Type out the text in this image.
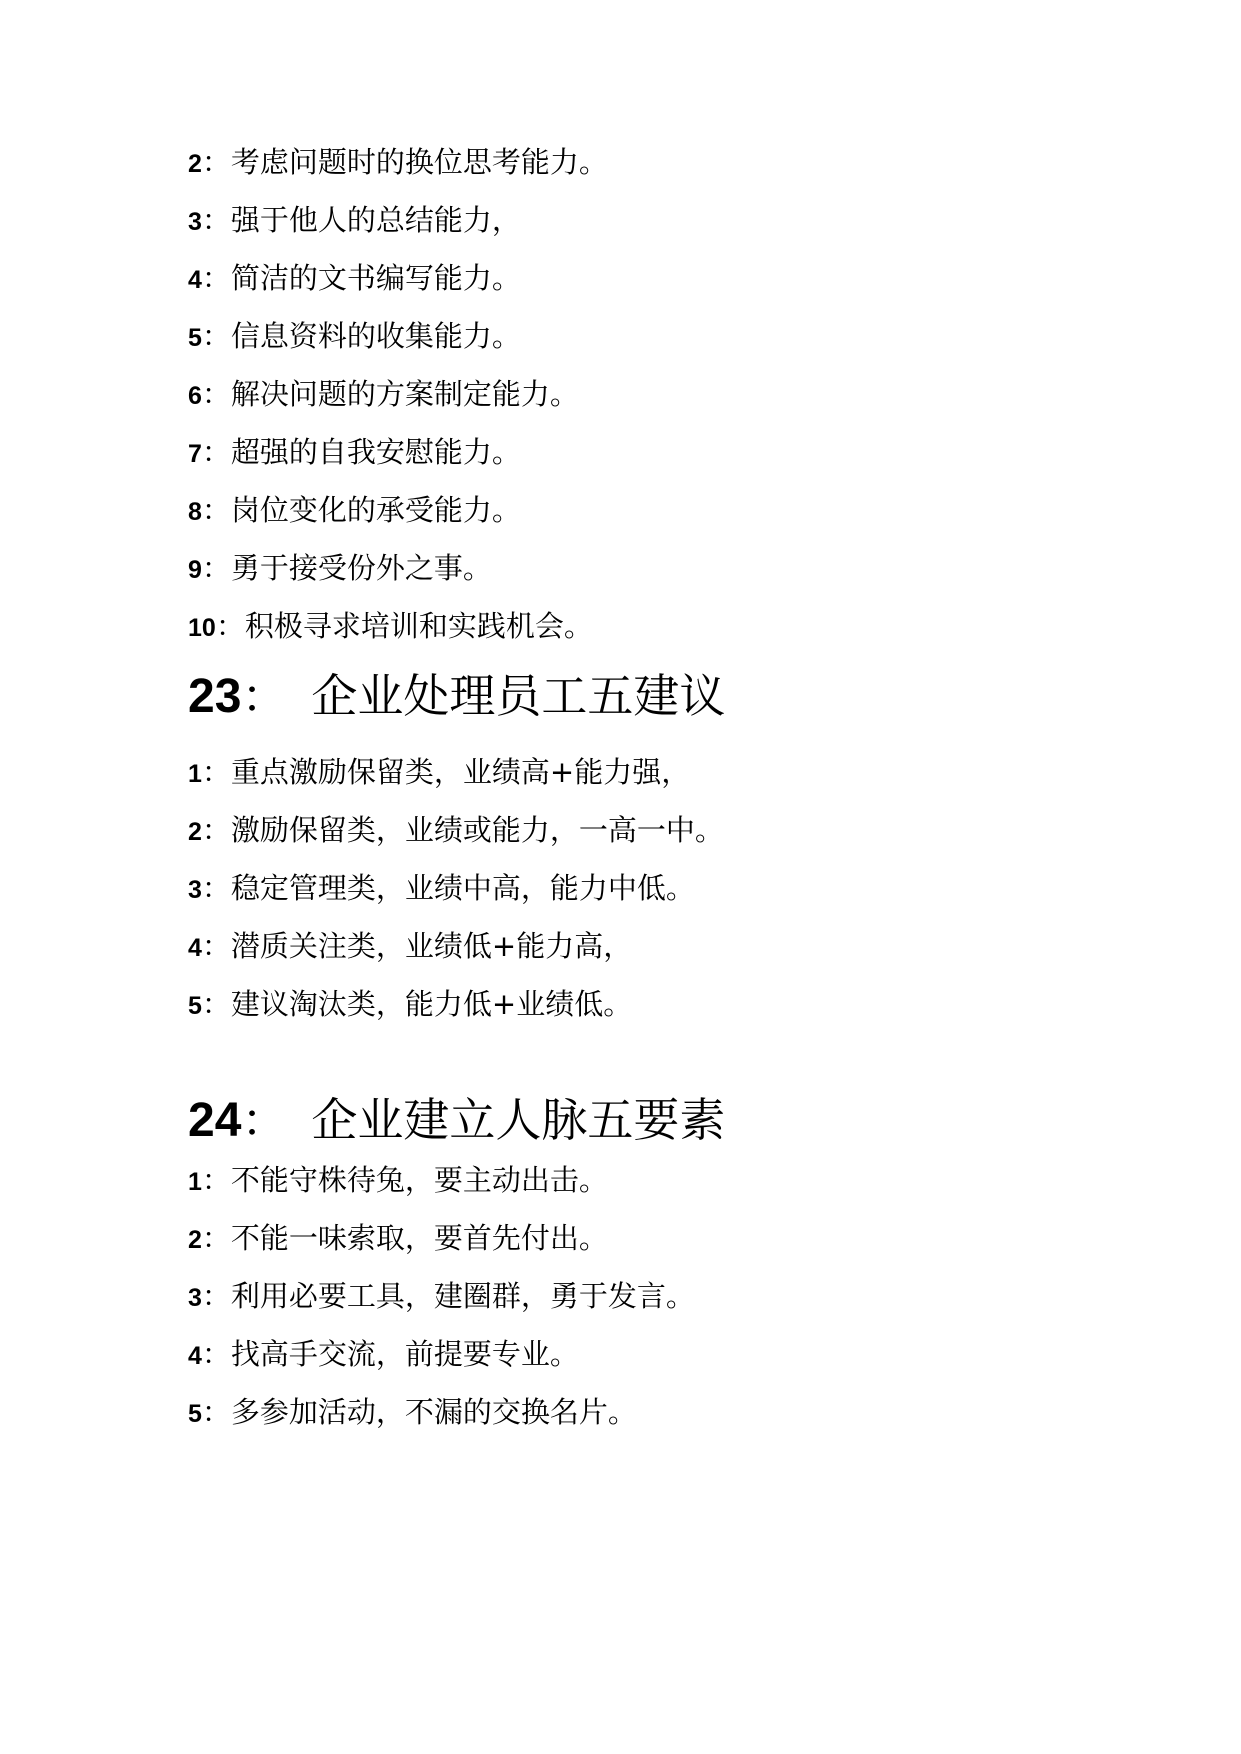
2：考虑问题时的换位思考能力。
3：强于他人的总结能力，
4：简洁的文书编写能力。
5：信息资料的收集能力。
6：解决问题的方案制定能力。
7：超强的自我安慰能力。
8：岗位变化的承受能力。
9：勇于接受份外之事。
10：积极寻求培训和实践机会。
23： 企业处理员工五建议
1：重点激励保留类，业绩高+能力强，
2：激励保留类，业绩或能力，一高一中。
3：稳定管理类，业绩中高，能力中低。
4：潜质关注类，业绩低+能力高，
5：建议淘汰类，能力低+业绩低。
24： 企业建立人脉五要素
1：不能守株待兔，要主动出击。
2：不能一味索取，要首先付出。
3：利用必要工具，建圈群，勇于发言。
4：找高手交流，前提要专业。
5：多参加活动，不漏的交换名片。
